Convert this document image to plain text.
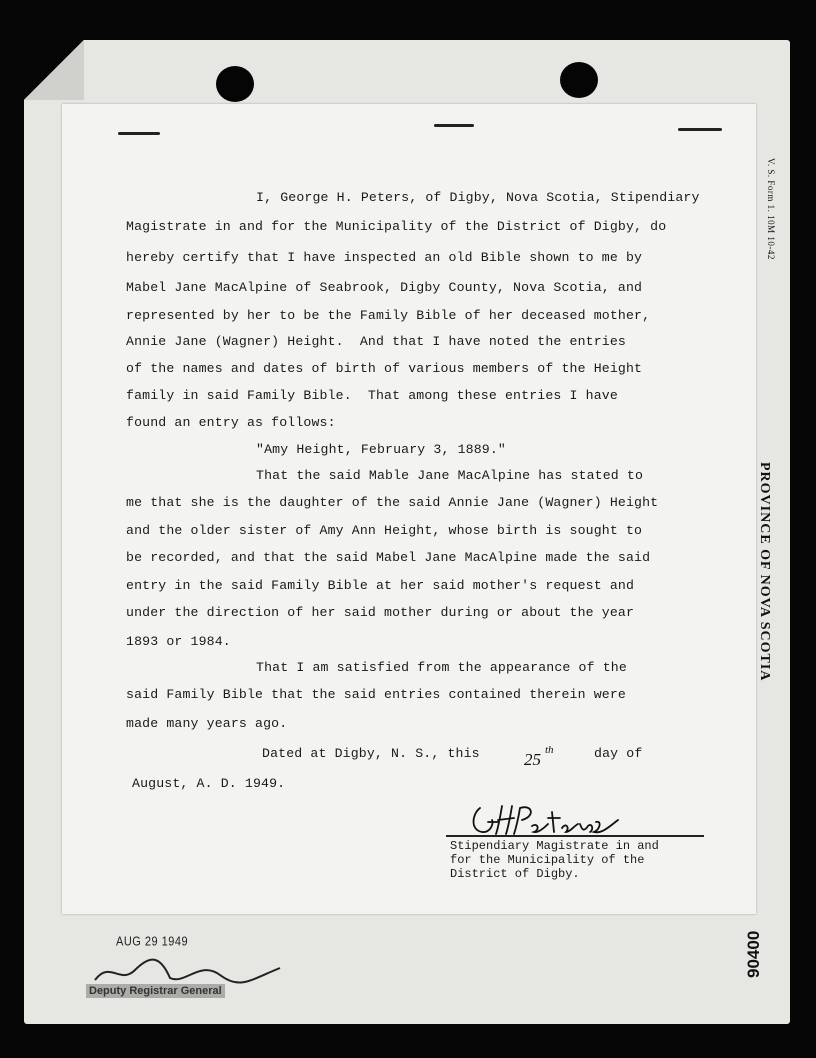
V. S. Form 1. 10M 10-42
PROVINCE OF NOVA SCOTIA
90400
AUG 29 1949
Deputy Registrar General
I, George H. Peters, of Digby, Nova Scotia, Stipendiary
Magistrate in and for the Municipality of the District of Digby, do
hereby certify that I have inspected an old Bible shown to me by
Mabel Jane MacAlpine of Seabrook, Digby County, Nova Scotia, and
represented by her to be the Family Bible of her deceased mother,
Annie Jane (Wagner) Height.  And that I have noted the entries
of the names and dates of birth of various members of the Height
family in said Family Bible.  That among these entries I have
found an entry as follows:
"Amy Height, February 3, 1889."
That the said Mable Jane MacAlpine has stated to
me that she is the daughter of the said Annie Jane (Wagner) Height
and the older sister of Amy Ann Height, whose birth is sought to
be recorded, and that the said Mabel Jane MacAlpine made the said
entry in the said Family Bible at her said mother's request and
under the direction of her said mother during or about the year
1893 or 1984.
That I am satisfied from the appearance of the
said Family Bible that the said entries contained therein were
made many years ago.
Dated at Digby, N. S., this	day of
August, A. D. 1949.
25 th
GHPeters
Stipendiary Magistrate in and
for the Municipality of the
District of Digby.
